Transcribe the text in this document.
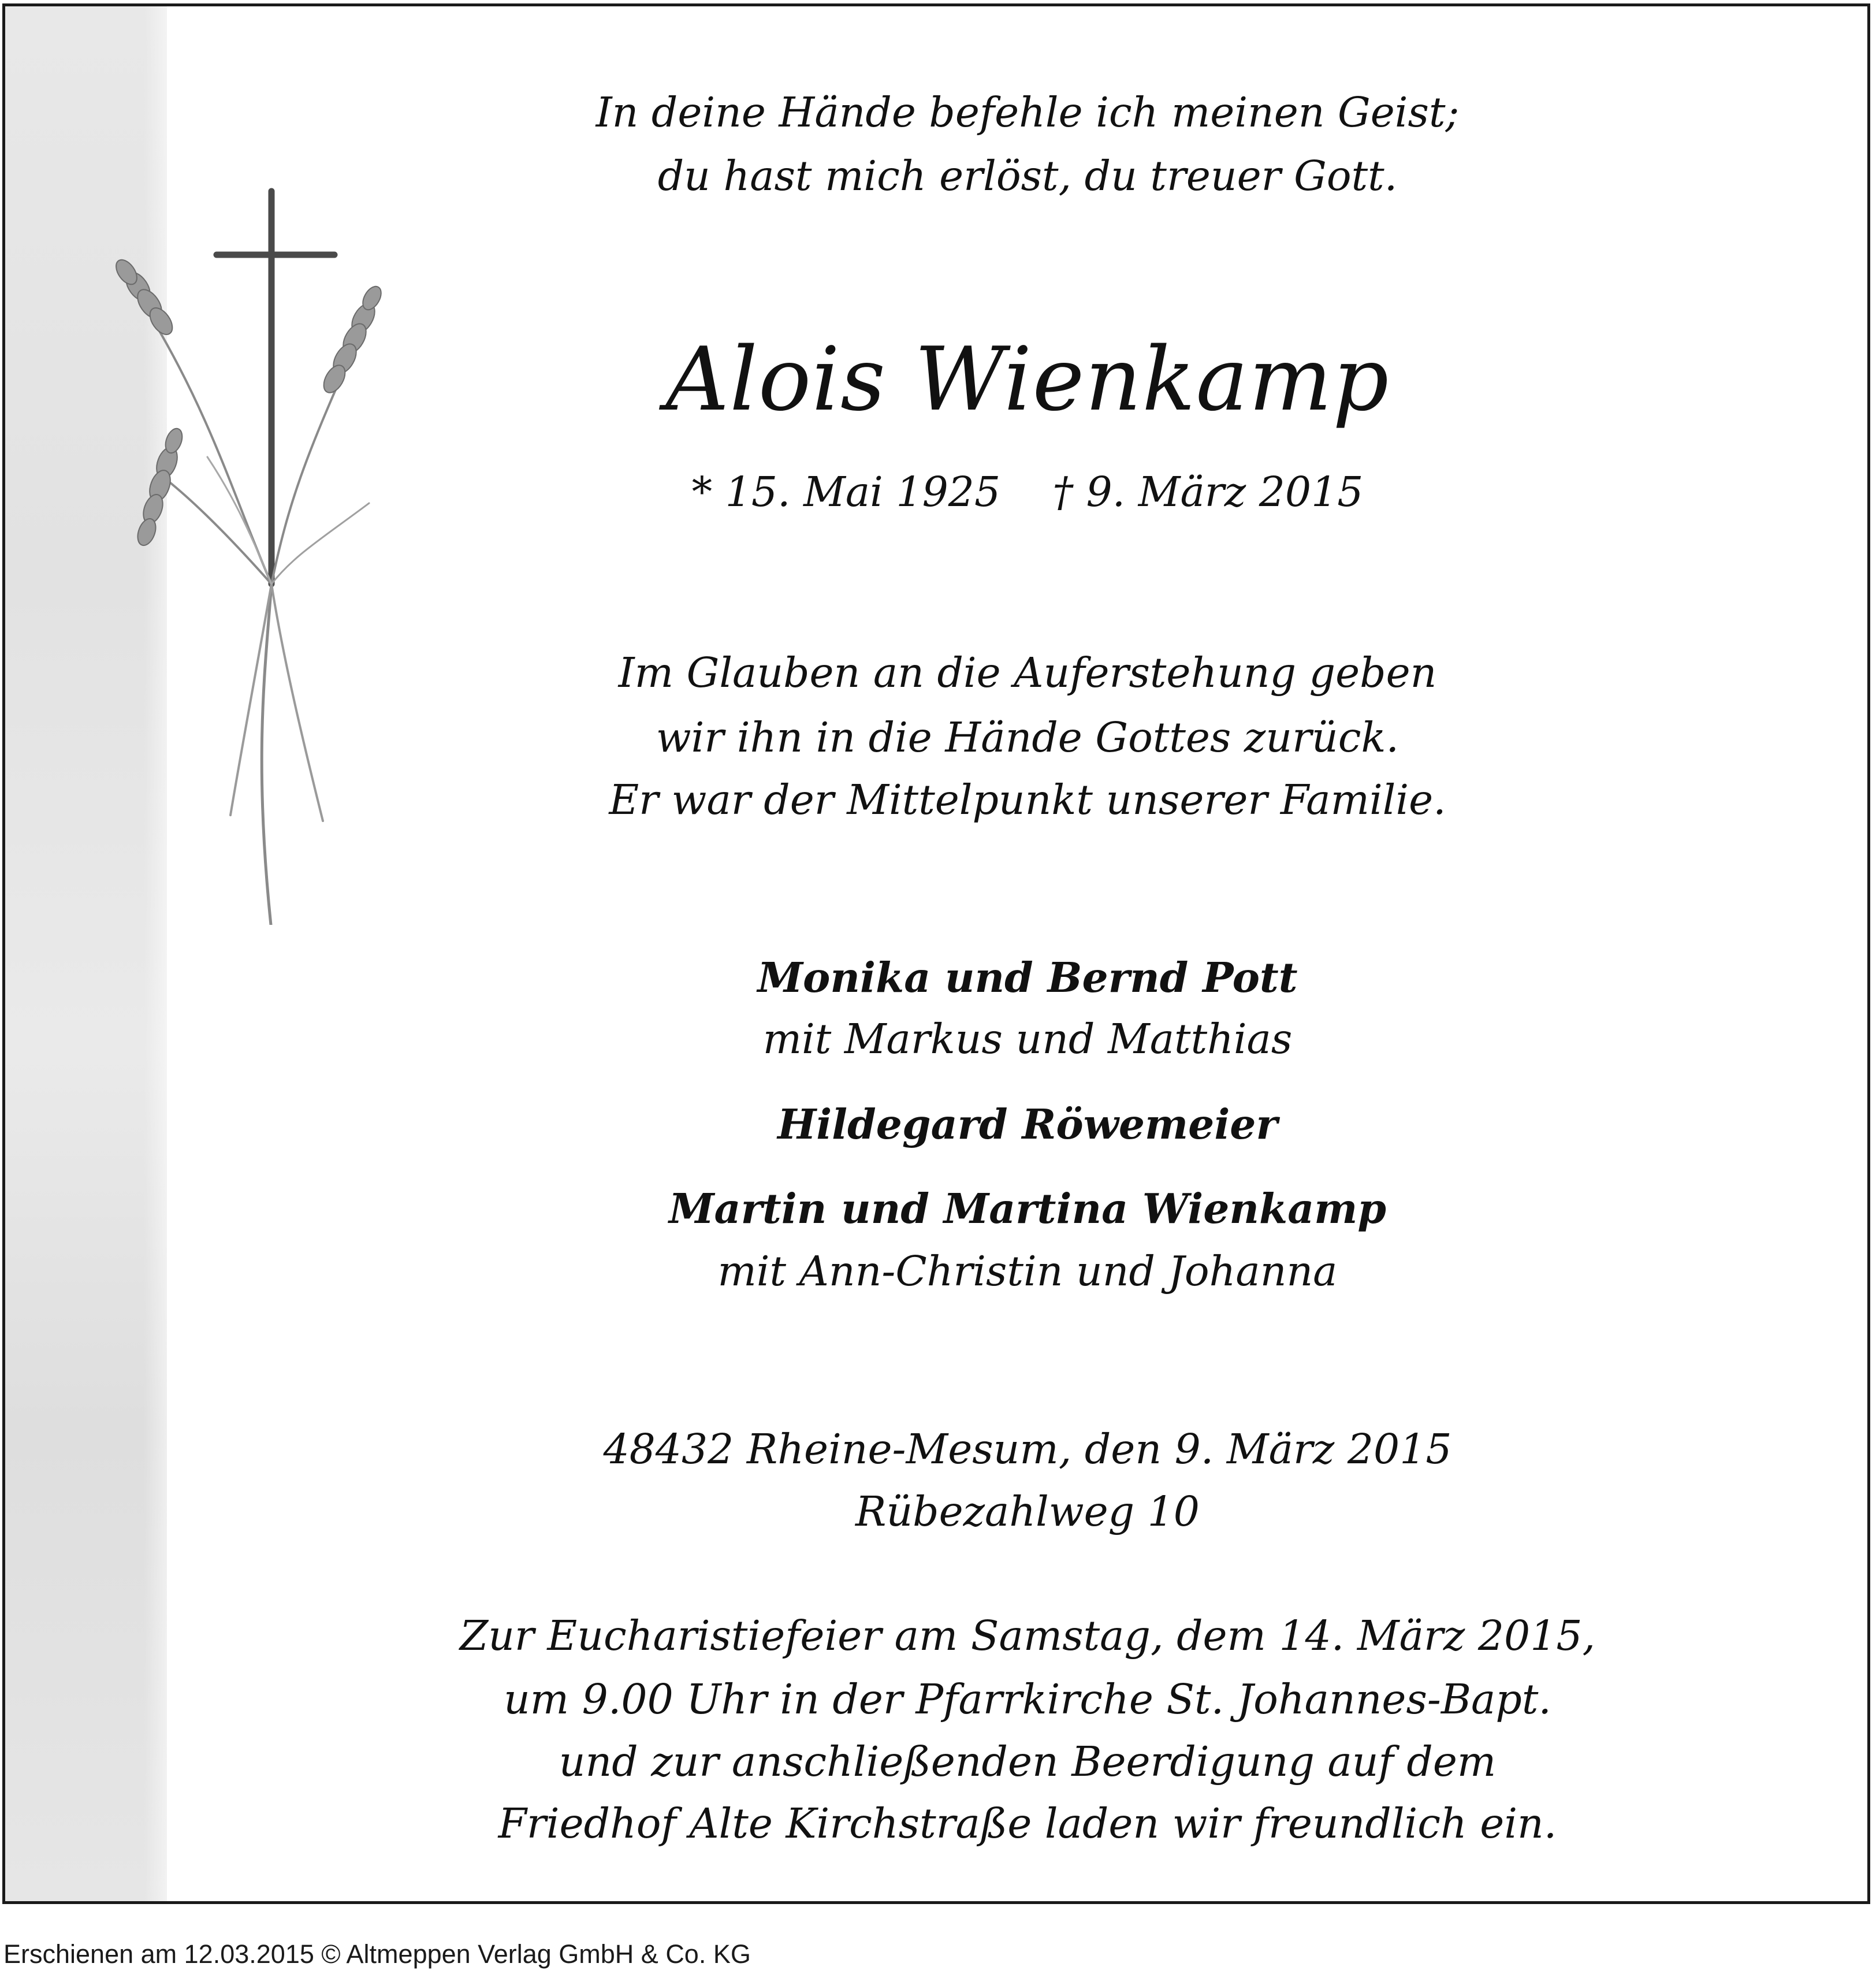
In deine Hände befehle ich meinen Geist;
du hast mich erlöst, du treuer Gott.
Alois Wienkamp
* 15. Mai 1925    † 9. März 2015
Im Glauben an die Auferstehung geben
wir ihn in die Hände Gottes zurück.
Er war der Mittelpunkt unserer Familie.
Monika und Bernd Pott
mit Markus und Matthias
Hildegard Röwemeier
Martin und Martina Wienkamp
mit Ann-Christin und Johanna
48432 Rheine-Mesum, den 9. März 2015
Rübezahlweg 10
Zur Eucharistiefeier am Samstag, dem 14. März 2015,
um 9.00 Uhr in der Pfarrkirche St. Johannes-Bapt.
und zur anschließenden Beerdigung auf dem
Friedhof Alte Kirchstraße laden wir freundlich ein.
Erschienen am 12.03.2015 © Altmeppen Verlag GmbH & Co. KG
